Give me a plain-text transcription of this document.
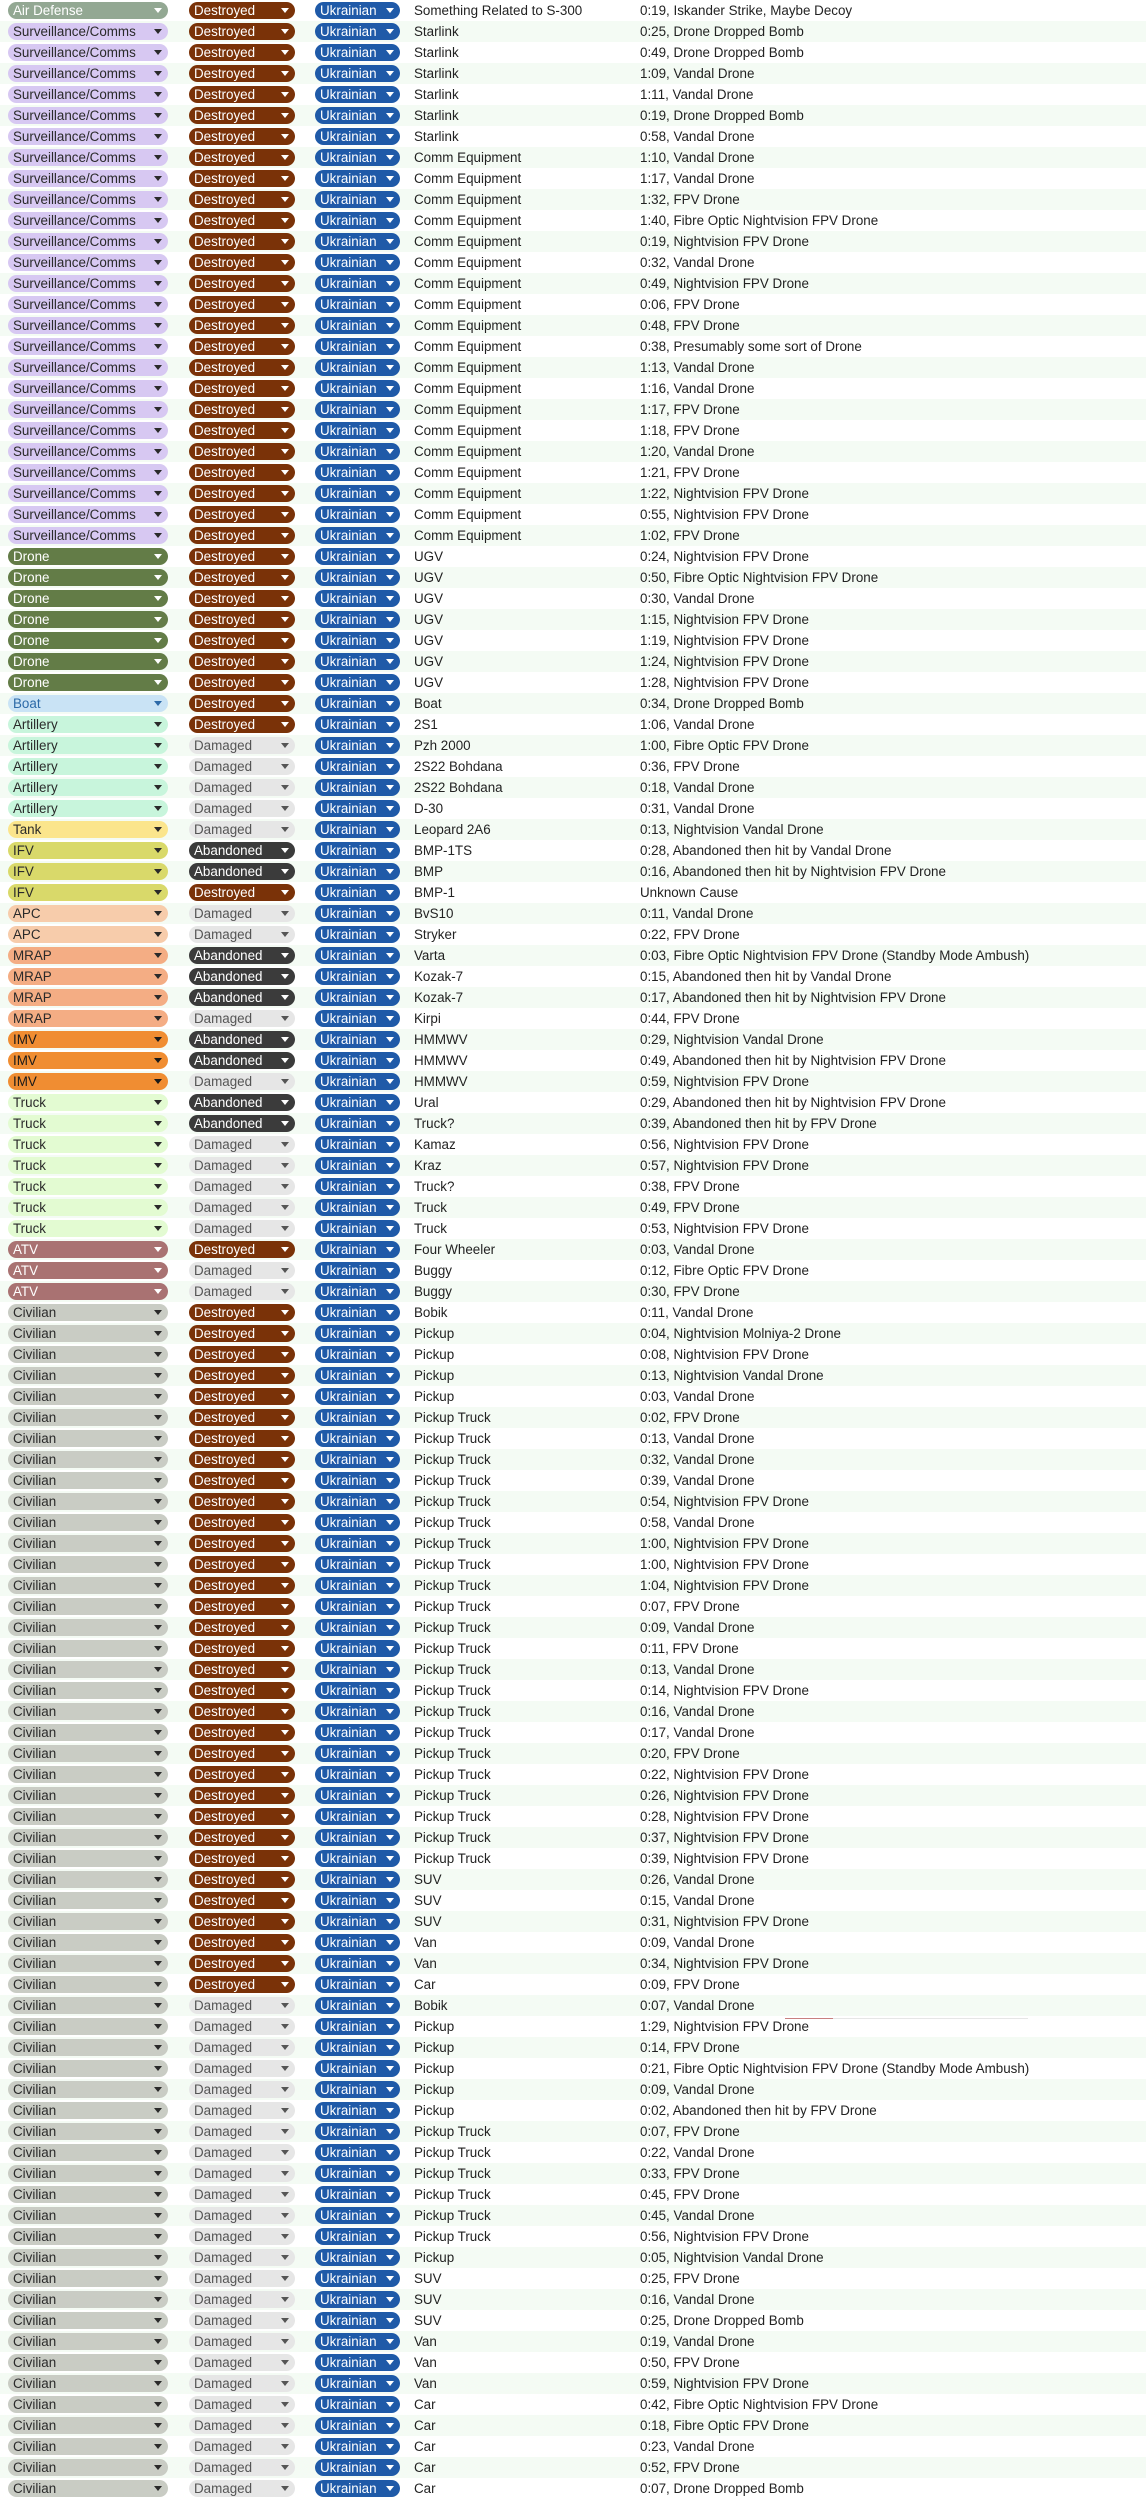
Air Defense	Destroyed	Ukrainian	Something Related to S-300	0:19, Iskander Strike, Maybe Decoy
Surveillance/Comms	Destroyed	Ukrainian	Starlink	0:25, Drone Dropped Bomb
Surveillance/Comms	Destroyed	Ukrainian	Starlink	0:49, Drone Dropped Bomb
Surveillance/Comms	Destroyed	Ukrainian	Starlink	1:09, Vandal Drone
Surveillance/Comms	Destroyed	Ukrainian	Starlink	1:11, Vandal Drone
Surveillance/Comms	Destroyed	Ukrainian	Starlink	0:19, Drone Dropped Bomb
Surveillance/Comms	Destroyed	Ukrainian	Starlink	0:58, Vandal Drone
Surveillance/Comms	Destroyed	Ukrainian	Comm Equipment	1:10, Vandal Drone
Surveillance/Comms	Destroyed	Ukrainian	Comm Equipment	1:17, Vandal Drone
Surveillance/Comms	Destroyed	Ukrainian	Comm Equipment	1:32, FPV Drone
Surveillance/Comms	Destroyed	Ukrainian	Comm Equipment	1:40, Fibre Optic Nightvision FPV Drone
Surveillance/Comms	Destroyed	Ukrainian	Comm Equipment	0:19, Nightvision FPV Drone
Surveillance/Comms	Destroyed	Ukrainian	Comm Equipment	0:32, Vandal Drone
Surveillance/Comms	Destroyed	Ukrainian	Comm Equipment	0:49, Nightvision FPV Drone
Surveillance/Comms	Destroyed	Ukrainian	Comm Equipment	0:06, FPV Drone
Surveillance/Comms	Destroyed	Ukrainian	Comm Equipment	0:48, FPV Drone
Surveillance/Comms	Destroyed	Ukrainian	Comm Equipment	0:38, Presumably some sort of Drone
Surveillance/Comms	Destroyed	Ukrainian	Comm Equipment	1:13, Vandal Drone
Surveillance/Comms	Destroyed	Ukrainian	Comm Equipment	1:16, Vandal Drone
Surveillance/Comms	Destroyed	Ukrainian	Comm Equipment	1:17, FPV Drone
Surveillance/Comms	Destroyed	Ukrainian	Comm Equipment	1:18, FPV Drone
Surveillance/Comms	Destroyed	Ukrainian	Comm Equipment	1:20, Vandal Drone
Surveillance/Comms	Destroyed	Ukrainian	Comm Equipment	1:21, FPV Drone
Surveillance/Comms	Destroyed	Ukrainian	Comm Equipment	1:22, Nightvision FPV Drone
Surveillance/Comms	Destroyed	Ukrainian	Comm Equipment	0:55, Nightvision FPV Drone
Surveillance/Comms	Destroyed	Ukrainian	Comm Equipment	1:02, FPV Drone
Drone	Destroyed	Ukrainian	UGV	0:24, Nightvision FPV Drone
Drone	Destroyed	Ukrainian	UGV	0:50, Fibre Optic Nightvision FPV Drone
Drone	Destroyed	Ukrainian	UGV	0:30, Vandal Drone
Drone	Destroyed	Ukrainian	UGV	1:15, Nightvision FPV Drone
Drone	Destroyed	Ukrainian	UGV	1:19, Nightvision FPV Drone
Drone	Destroyed	Ukrainian	UGV	1:24, Nightvision FPV Drone
Drone	Destroyed	Ukrainian	UGV	1:28, Nightvision FPV Drone
Boat	Destroyed	Ukrainian	Boat	0:34, Drone Dropped Bomb
Artillery	Destroyed	Ukrainian	2S1	1:06, Vandal Drone
Artillery	Damaged	Ukrainian	Pzh 2000	1:00, Fibre Optic FPV Drone
Artillery	Damaged	Ukrainian	2S22 Bohdana	0:36, FPV Drone
Artillery	Damaged	Ukrainian	2S22 Bohdana	0:18, Vandal Drone
Artillery	Damaged	Ukrainian	D-30	0:31, Vandal Drone
Tank	Damaged	Ukrainian	Leopard 2A6	0:13, Nightvision Vandal Drone
IFV	Abandoned	Ukrainian	BMP-1TS	0:28, Abandoned then hit by Vandal Drone
IFV	Abandoned	Ukrainian	BMP	0:16, Abandoned then hit by Nightvision FPV Drone
IFV	Destroyed	Ukrainian	BMP-1	Unknown Cause
APC	Damaged	Ukrainian	BvS10	0:11, Vandal Drone
APC	Damaged	Ukrainian	Stryker	0:22, FPV Drone
MRAP	Abandoned	Ukrainian	Varta	0:03, Fibre Optic Nightvision FPV Drone (Standby Mode Ambush)
MRAP	Abandoned	Ukrainian	Kozak-7	0:15, Abandoned then hit by Vandal Drone
MRAP	Abandoned	Ukrainian	Kozak-7	0:17, Abandoned then hit by Nightvision FPV Drone
MRAP	Damaged	Ukrainian	Kirpi	0:44, FPV Drone
IMV	Abandoned	Ukrainian	HMMWV	0:29, Nightvision Vandal Drone
IMV	Abandoned	Ukrainian	HMMWV	0:49, Abandoned then hit by Nightvision FPV Drone
IMV	Damaged	Ukrainian	HMMWV	0:59, Nightvision FPV Drone
Truck	Abandoned	Ukrainian	Ural	0:29, Abandoned then hit by Nightvision FPV Drone
Truck	Abandoned	Ukrainian	Truck?	0:39, Abandoned then hit by FPV Drone
Truck	Damaged	Ukrainian	Kamaz	0:56, Nightvision FPV Drone
Truck	Damaged	Ukrainian	Kraz	0:57, Nightvision FPV Drone
Truck	Damaged	Ukrainian	Truck?	0:38, FPV Drone
Truck	Damaged	Ukrainian	Truck	0:49, FPV Drone
Truck	Damaged	Ukrainian	Truck	0:53, Nightvision FPV Drone
ATV	Destroyed	Ukrainian	Four Wheeler	0:03, Vandal Drone
ATV	Damaged	Ukrainian	Buggy	0:12, Fibre Optic FPV Drone
ATV	Damaged	Ukrainian	Buggy	0:30, FPV Drone
Civilian	Destroyed	Ukrainian	Bobik	0:11, Vandal Drone
Civilian	Destroyed	Ukrainian	Pickup	0:04, Nightvision Molniya-2 Drone
Civilian	Destroyed	Ukrainian	Pickup	0:08, Nightvision FPV Drone
Civilian	Destroyed	Ukrainian	Pickup	0:13, Nightvision Vandal Drone
Civilian	Destroyed	Ukrainian	Pickup	0:03, Vandal Drone
Civilian	Destroyed	Ukrainian	Pickup Truck	0:02, FPV Drone
Civilian	Destroyed	Ukrainian	Pickup Truck	0:13, Vandal Drone
Civilian	Destroyed	Ukrainian	Pickup Truck	0:32, Vandal Drone
Civilian	Destroyed	Ukrainian	Pickup Truck	0:39, Vandal Drone
Civilian	Destroyed	Ukrainian	Pickup Truck	0:54, Nightvision FPV Drone
Civilian	Destroyed	Ukrainian	Pickup Truck	0:58, Vandal Drone
Civilian	Destroyed	Ukrainian	Pickup Truck	1:00, Nightvision FPV Drone
Civilian	Destroyed	Ukrainian	Pickup Truck	1:00, Nightvision FPV Drone
Civilian	Destroyed	Ukrainian	Pickup Truck	1:04, Nightvision FPV Drone
Civilian	Destroyed	Ukrainian	Pickup Truck	0:07, FPV Drone
Civilian	Destroyed	Ukrainian	Pickup Truck	0:09, Vandal Drone
Civilian	Destroyed	Ukrainian	Pickup Truck	0:11, FPV Drone
Civilian	Destroyed	Ukrainian	Pickup Truck	0:13, Vandal Drone
Civilian	Destroyed	Ukrainian	Pickup Truck	0:14, Nightvision FPV Drone
Civilian	Destroyed	Ukrainian	Pickup Truck	0:16, Vandal Drone
Civilian	Destroyed	Ukrainian	Pickup Truck	0:17, Vandal Drone
Civilian	Destroyed	Ukrainian	Pickup Truck	0:20, FPV Drone
Civilian	Destroyed	Ukrainian	Pickup Truck	0:22, Nightvision FPV Drone
Civilian	Destroyed	Ukrainian	Pickup Truck	0:26, Nightvision FPV Drone
Civilian	Destroyed	Ukrainian	Pickup Truck	0:28, Nightvision FPV Drone
Civilian	Destroyed	Ukrainian	Pickup Truck	0:37, Nightvision FPV Drone
Civilian	Destroyed	Ukrainian	Pickup Truck	0:39, Nightvision FPV Drone
Civilian	Destroyed	Ukrainian	SUV	0:26, Vandal Drone
Civilian	Destroyed	Ukrainian	SUV	0:15, Vandal Drone
Civilian	Destroyed	Ukrainian	SUV	0:31, Nightvision FPV Drone
Civilian	Destroyed	Ukrainian	Van	0:09, Vandal Drone
Civilian	Destroyed	Ukrainian	Van	0:34, Nightvision FPV Drone
Civilian	Destroyed	Ukrainian	Car	0:09, FPV Drone
Civilian	Damaged	Ukrainian	Bobik	0:07, Vandal Drone
Civilian	Damaged	Ukrainian	Pickup	1:29, Nightvision FPV Drone
Civilian	Damaged	Ukrainian	Pickup	0:14, FPV Drone
Civilian	Damaged	Ukrainian	Pickup	0:21, Fibre Optic Nightvision FPV Drone (Standby Mode Ambush)
Civilian	Damaged	Ukrainian	Pickup	0:09, Vandal Drone
Civilian	Damaged	Ukrainian	Pickup	0:02, Abandoned then hit by FPV Drone
Civilian	Damaged	Ukrainian	Pickup Truck	0:07, FPV Drone
Civilian	Damaged	Ukrainian	Pickup Truck	0:22, Vandal Drone
Civilian	Damaged	Ukrainian	Pickup Truck	0:33, FPV Drone
Civilian	Damaged	Ukrainian	Pickup Truck	0:45, FPV Drone
Civilian	Damaged	Ukrainian	Pickup Truck	0:45, Vandal Drone
Civilian	Damaged	Ukrainian	Pickup Truck	0:56, Nightvision FPV Drone
Civilian	Damaged	Ukrainian	Pickup	0:05, Nightvision Vandal Drone
Civilian	Damaged	Ukrainian	SUV	0:25, FPV Drone
Civilian	Damaged	Ukrainian	SUV	0:16, Vandal Drone
Civilian	Damaged	Ukrainian	SUV	0:25, Drone Dropped Bomb
Civilian	Damaged	Ukrainian	Van	0:19, Vandal Drone
Civilian	Damaged	Ukrainian	Van	0:50, FPV Drone
Civilian	Damaged	Ukrainian	Van	0:59, Nightvision FPV Drone
Civilian	Damaged	Ukrainian	Car	0:42, Fibre Optic Nightvision FPV Drone
Civilian	Damaged	Ukrainian	Car	0:18, Fibre Optic FPV Drone
Civilian	Damaged	Ukrainian	Car	0:23, Vandal Drone
Civilian	Damaged	Ukrainian	Car	0:52, FPV Drone
Civilian	Damaged	Ukrainian	Car	0:07, Drone Dropped Bomb
